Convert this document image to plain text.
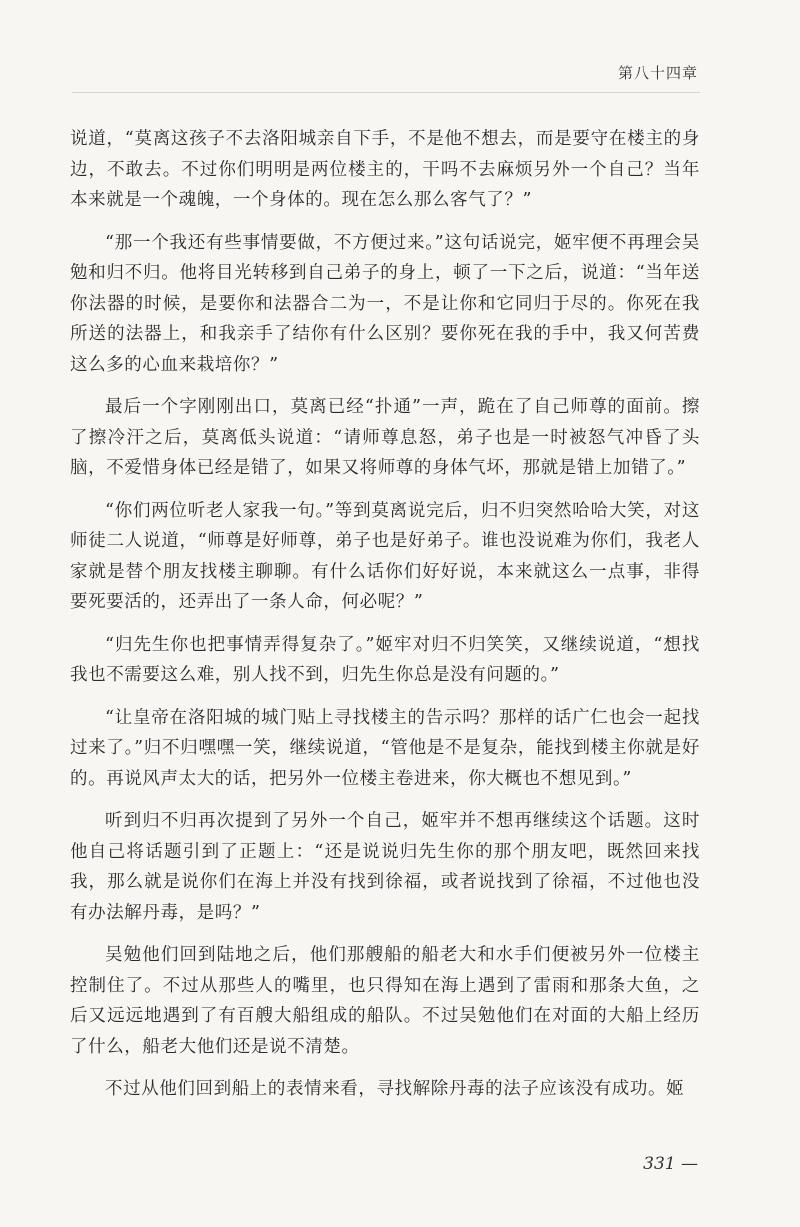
第八十四章

说道，“莫离这孩子不去洛阳城亲自下手，不是他不想去，而是要守在楼主的身边，不敢去。不过你们明明是两位楼主的，干吗不去麻烦另外一个自己？当年本来就是一个魂魄，一个身体的。现在怎么那么客气了？”

“那一个我还有些事情要做，不方便过来。”这句话说完，姬牢便不再理会吴勉和归不归。他将目光转移到自己弟子的身上，顿了一下之后，说道：“当年送你法器的时候，是要你和法器合二为一，不是让你和它同归于尽的。你死在我所送的法器上，和我亲手了结你有什么区别？要你死在我的手中，我又何苦费这么多的心血来栽培你？”

最后一个字刚刚出口，莫离已经“扑通”一声，跪在了自己师尊的面前。擦了擦冷汗之后，莫离低头说道：“请师尊息怒，弟子也是一时被怒气冲昏了头脑，不爱惜身体已经是错了，如果又将师尊的身体气坏，那就是错上加错了。”

“你们两位听老人家我一句。”等到莫离说完后，归不归突然哈哈大笑，对这师徒二人说道，“师尊是好师尊，弟子也是好弟子。谁也没说难为你们，我老人家就是替个朋友找楼主聊聊。有什么话你们好好说，本来就这么一点事，非得要死要活的，还弄出了一条人命，何必呢？”

“归先生你也把事情弄得复杂了。”姬牢对归不归笑笑，又继续说道，“想找我也不需要这么难，别人找不到，归先生你总是没有问题的。”

“让皇帝在洛阳城的城门贴上寻找楼主的告示吗？那样的话广仁也会一起找过来了。”归不归嘿嘿一笑，继续说道，“管他是不是复杂，能找到楼主你就是好的。再说风声太大的话，把另外一位楼主卷进来，你大概也不想见到。”

听到归不归再次提到了另外一个自己，姬牢并不想再继续这个话题。这时他自己将话题引到了正题上：“还是说说归先生你的那个朋友吧，既然回来找我，那么就是说你们在海上并没有找到徐福，或者说找到了徐福，不过他也没有办法解丹毒，是吗？”

吴勉他们回到陆地之后，他们那艘船的船老大和水手们便被另外一位楼主控制住了。不过从那些人的嘴里，也只得知在海上遇到了雷雨和那条大鱼，之后又远远地遇到了有百艘大船组成的船队。不过吴勉他们在对面的大船上经历了什么，船老大他们还是说不清楚。

不过从他们回到船上的表情来看，寻找解除丹毒的法子应该没有成功。姬

331 —
